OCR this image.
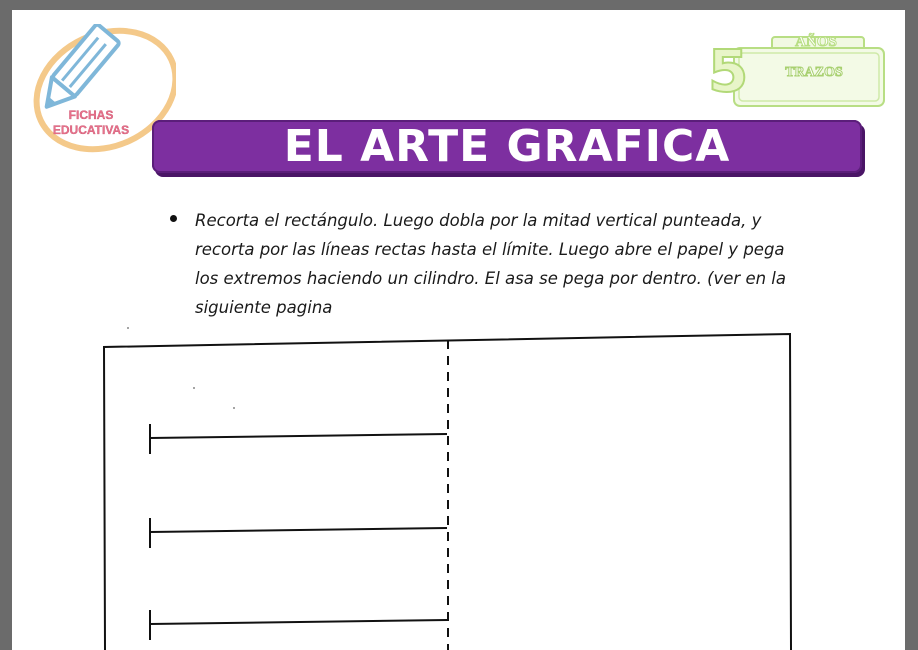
FICHAS
EDUCATIVAS
5	AÑOS
TRAZOS
EL ARTE GRAFICA

Recorta el rectángulo. Luego dobla por la mitad vertical punteada, y recorta por las líneas rectas hasta el límite. Luego abre el papel y pega los extremos haciendo un cilindro. El asa se pega por dentro. (ver en la siguiente pagina
